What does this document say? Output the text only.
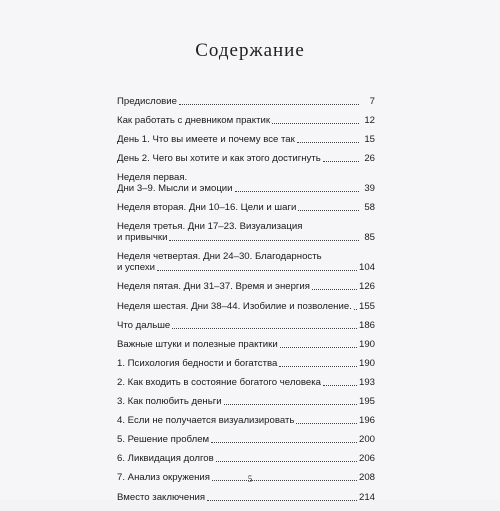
Содержание
Предисловие	7
Как работать с дневником практик	12
День 1. Что вы имеете и почему все так	15
День 2. Чего вы хотите и как этого достигнуть	26
Неделя первая.
Дни 3–9. Мысли и эмоции	39
Неделя вторая. Дни 10–16. Цели и шаги	58
Неделя третья. Дни 17–23. Визуализация
и привычки	85
Неделя четвертая. Дни 24–30. Благодарность
и успехи	104
Неделя пятая. Дни 31–37. Время и энергия	126
Неделя шестая. Дни 38–44. Изобилие и позволение. 155
Что дальше	186
Важные штуки и полезные практики	190
1. Психология бедности и богатства	190
2. Как входить в состояние богатого человека	193
3. Как полюбить деньги	195
4. Если не получается визуализировать	196
5. Решение проблем	200
6. Ликвидация долгов	206
7. Анализ окружения	208
Вместо заключения	214
5
